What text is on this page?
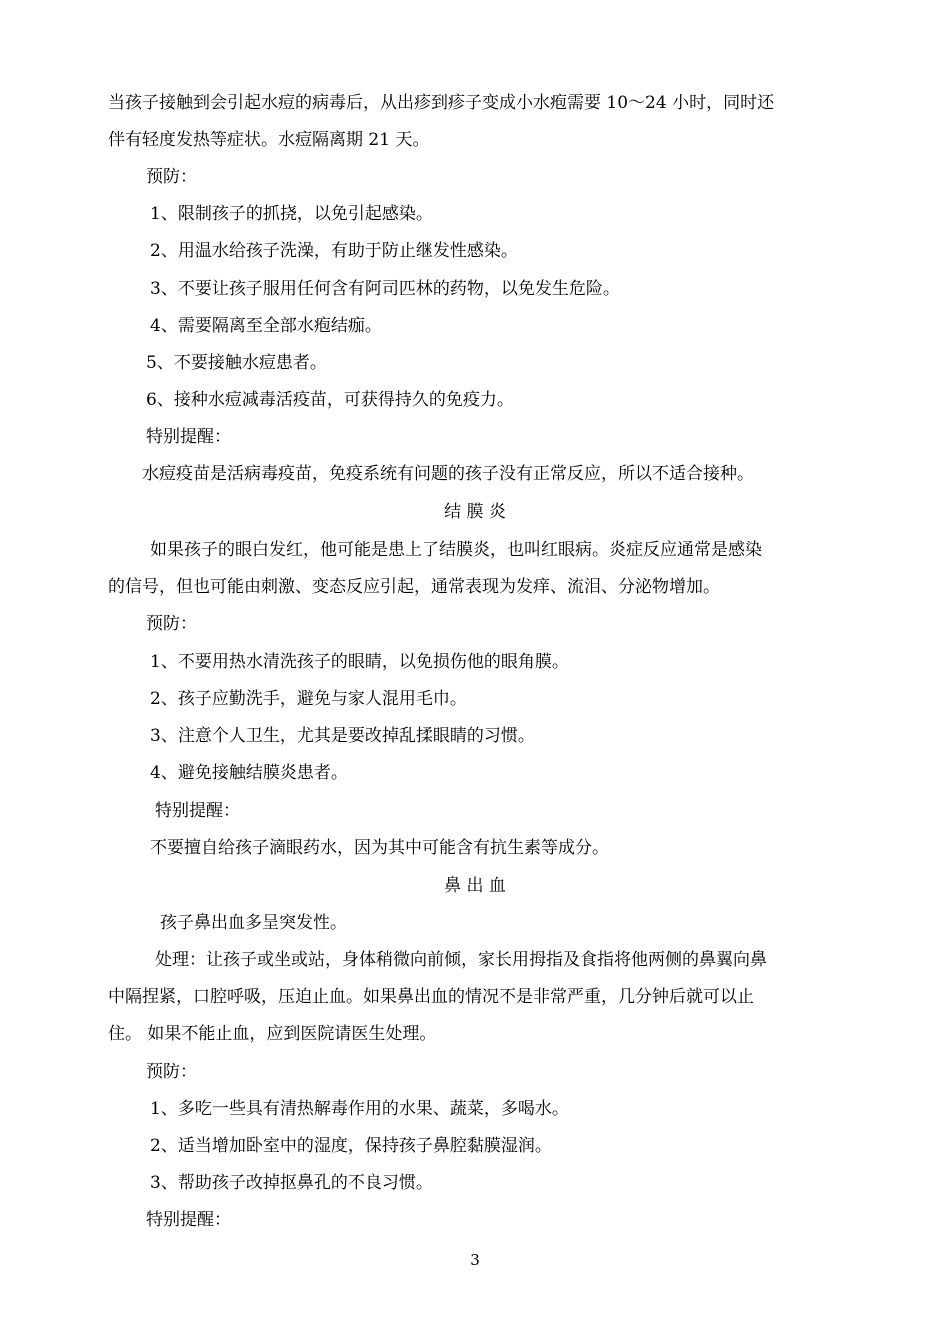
当孩子接触到会引起水痘的病毒后，从出疹到疹子变成小水疱需要 10～24 小时，同时还
伴有轻度发热等症状。水痘隔离期 21 天。
预防：
1、限制孩子的抓挠，以免引起感染。
2、用温水给孩子洗澡，有助于防止继发性感染。
3、不要让孩子服用任何含有阿司匹林的药物，以免发生危险。
4、需要隔离至全部水疱结痂。
5、不要接触水痘患者。
6、接种水痘减毒活疫苗，可获得持久的免疫力。
特别提醒：
水痘疫苗是活病毒疫苗，免疫系统有问题的孩子没有正常反应，所以不适合接种。
结 膜 炎
如果孩子的眼白发红，他可能是患上了结膜炎，也叫红眼病。炎症反应通常是感染
的信号，但也可能由刺激、变态反应引起，通常表现为发痒、流泪、分泌物增加。
预防：
1、不要用热水清洗孩子的眼睛，以免损伤他的眼角膜。
2、孩子应勤洗手，避免与家人混用毛巾。
3、注意个人卫生，尤其是要改掉乱揉眼睛的习惯。
4、避免接触结膜炎患者。
特别提醒：
不要擅自给孩子滴眼药水，因为其中可能含有抗生素等成分。
鼻 出 血
孩子鼻出血多呈突发性。
处理：让孩子或坐或站，身体稍微向前倾，家长用拇指及食指将他两侧的鼻翼向鼻
中隔捏紧，口腔呼吸，压迫止血。如果鼻出血的情况不是非常严重，几分钟后就可以止
住。 如果不能止血，应到医院请医生处理。
预防：
1、多吃一些具有清热解毒作用的水果、蔬菜，多喝水。
2、适当增加卧室中的湿度，保持孩子鼻腔黏膜湿润。
3、帮助孩子改掉抠鼻孔的不良习惯。
特别提醒：
3
